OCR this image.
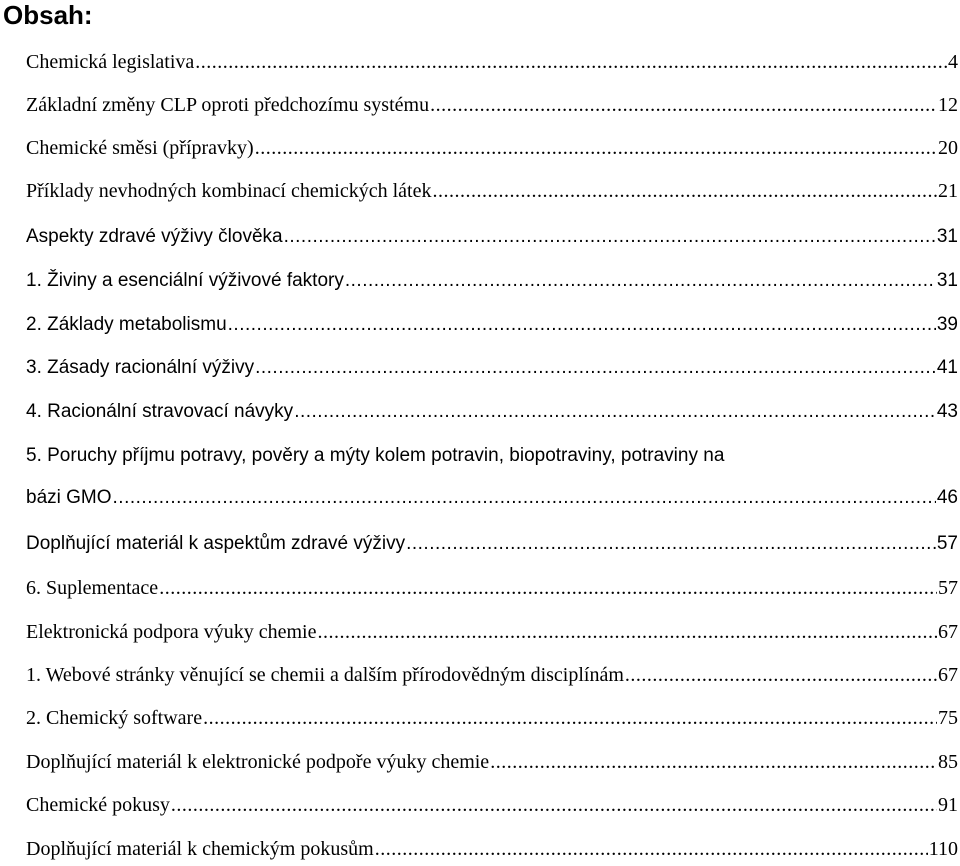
Obsah:
Chemická legislativa .....	4
Základní změny CLP oproti předchozímu systému .....	12
Chemické směsi (přípravky) .....	20
Příklady nevhodných kombinací chemických látek .....	21
Aspekty zdravé výživy člověka .....	31
1. Živiny a esenciální výživové faktory .....	31
2. Základy metabolismu .....	39
3. Zásady racionální výživy .....	41
4. Racionální stravovací návyky .....	43
5. Poruchy příjmu potravy, pověry a mýty kolem potravin, biopotraviny, potraviny na
bázi GMO .....	46
Doplňující materiál k aspektům zdravé výživy .....	57
6. Suplementace .....	57
Elektronická podpora výuky chemie .....	67
1. Webové stránky věnující se chemii a dalším přírodovědným disciplínám .....	67
2. Chemický software .....	75
Doplňující materiál k elektronické podpoře výuky chemie .....	85
Chemické pokusy .....	91
Doplňující materiál k chemickým pokusům .....	110
